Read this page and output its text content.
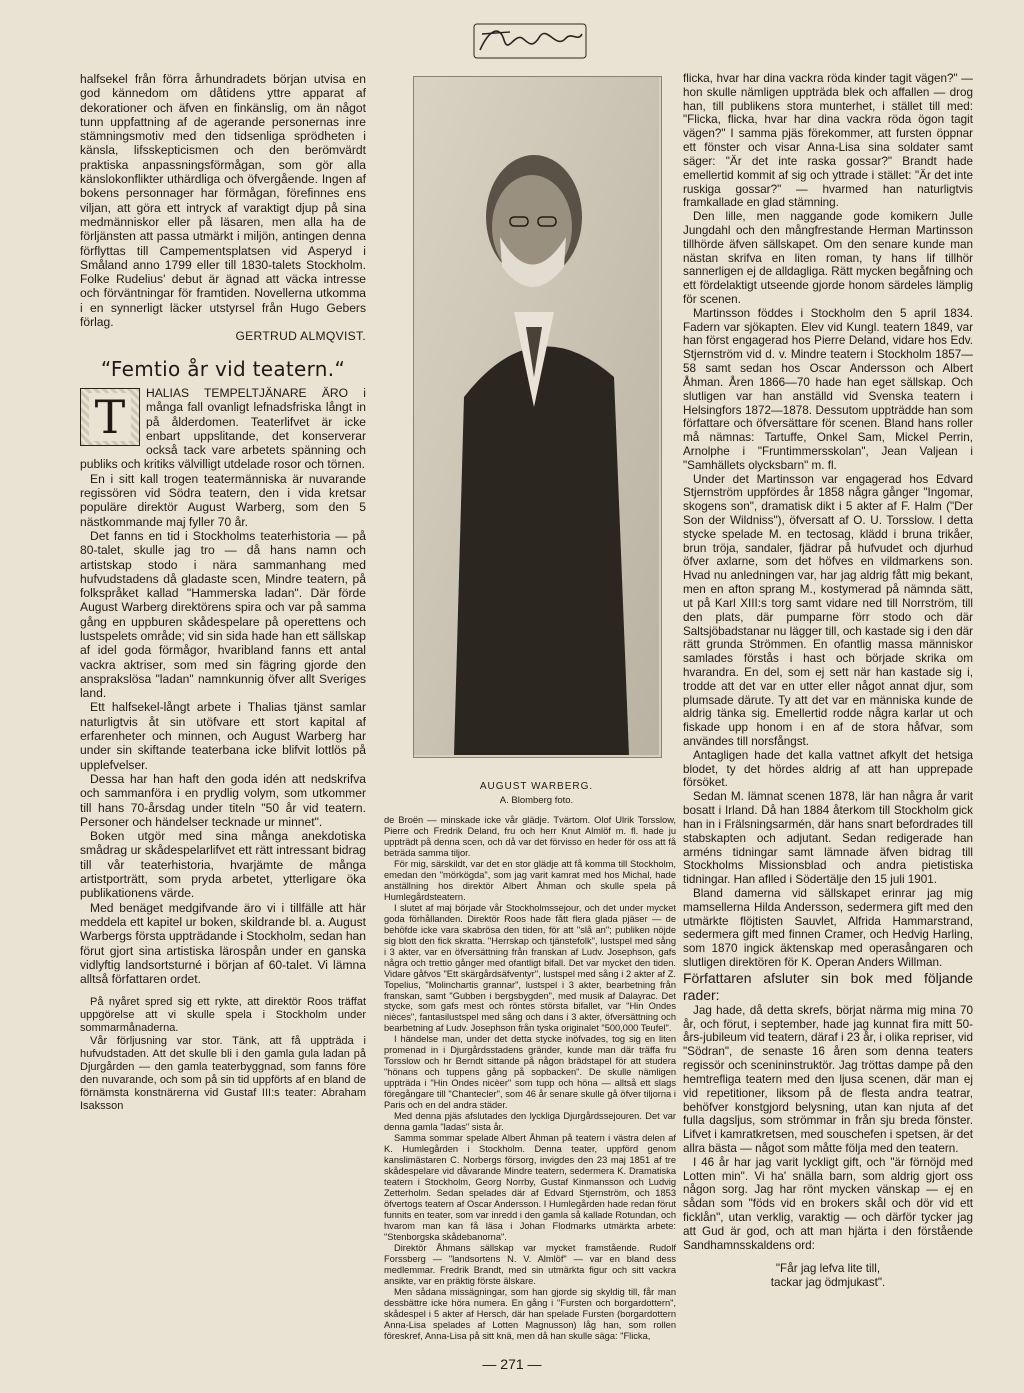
halfsekel från förra århundradets början utvisa en god kännedom om dåtidens yttre apparat af dekorationer och äfven en finkänslig, om än något tunn uppfattning af de agerande personernas inre stämningsmotiv med den tidsenliga sprödheten i känsla, lifsskepticismen och den berömvärdt praktiska anpassningsförmågan, som gör alla känslokonflikter uthärdliga och öfvergående. Ingen af bokens personnager har förmågan, förefinnes ens viljan, att göra ett intryck af varaktigt djup på sina medmänniskor eller på läsaren, men alla ha de förljänsten att passa utmärkt i miljön, antingen denna förflyttas till Campementsplatsen vid Asperyd i Småland anno 1799 eller till 1830-talets Stockholm. Folke Rudelius' debut är ägnad att väcka intresse och förväntningar för framtiden. Novellerna utkomma i en synnerligt läcker utstyrsel från Hugo Gebers förlag.

GERTRUD ALMQVIST.

“Femtio år vid teatern.“
T	HALIAS TEMPELTJÄNARE ÄRO i många fall ovanligt lefnadsfriska långt in på ålderdomen. Teaterlifvet är icke enbart uppslitande, det konserverar också tack vare arbetets spänning och publiks och kritiks välvilligt utdelade rosor och törnen.

En i sitt kall trogen teatermänniska är nuvarande regissören vid Södra teatern, den i vida kretsar populäre direktör August Warberg, som den 5 nästkommande maj fyller 70 år.

Det fanns en tid i Stockholms teaterhistoria — på 80-talet, skulle jag tro — då hans namn och artistskap stodo i nära sammanhang med hufvudstadens då gladaste scen, Mindre teatern, på folkspråket kallad "Hammerska ladan". Där förde August Warberg direktörens spira och var på samma gång en uppburen skådespelare på operettens och lustspelets område; vid sin sida hade han ett sällskap af idel goda förmågor, hvaribland fanns ett antal vackra aktriser, som med sin fägring gjorde den ansprakslösa "ladan" namnkunnig öfver allt Sveriges land.

Ett halfsekel-långt arbete i Thalias tjänst samlar naturligtvis åt sin utöfvare ett stort kapital af erfarenheter och minnen, och August Warberg har under sin skiftande teaterbana icke blifvit lottlös på upplefvelser.

Dessa har han haft den goda idén att nedskrifva och sammanföra i en prydlig volym, som utkommer till hans 70-årsdag under titeln "50 år vid teatern. Personer och händelser tecknade ur minnet".

Boken utgör med sina många anekdotiska smådrag ur skådespelarlifvet ett rätt intressant bidrag till vår teaterhistoria, hvarjämte de många artistporträtt, som pryda arbetet, ytterligare öka publikationens värde.

Med benäget medgifvande äro vi i tillfälle att här meddela ett kapitel ur boken, skildrande bl. a. August Warbergs första uppträdande i Stockholm, sedan han förut gjort sina artistiska lärospån under en ganska vidlyftig landsortsturné i början af 60-talet. Vi lämna alltså författaren ordet.

På nyåret spred sig ett rykte, att direktör Roos träffat uppgörelse att vi skulle spela i Stockholm under sommarmånaderna.

Vår förljusning var stor. Tänk, att få uppträda i hufvudstaden. Att det skulle bli i den gamla gula ladan på Djurgården — den gamla teaterbyggnad, som fanns före den nuvarande, och som på sin tid uppförts af en bland de förnämsta konstnärerna vid Gustaf III:s teater: Abraham Isaksson

AUGUST WARBERG.
A. Blomberg foto.

de Broën — minskade icke vår glädje. Tvärtom. Olof Ulrik Torsslow, Pierre och Fredrik Deland, fru och herr Knut Almlöf m. fl. hade ju uppträdt på denna scen, och då var det förvisso en heder för oss att få beträda samma tiljor.

För mig, särskildt, var det en stor glädje att få komma till Stockholm, emedan den "mörkögda", som jag varit kamrat med hos Michal, hade anställning hos direktör Albert Åhman och skulle spela på Humlegårdsteatern.

I slutet af maj började vår Stockholmssejour, och det under mycket goda förhållanden. Direktör Roos hade fått flera glada pjäser — de behöfde icke vara skabrösa den tiden, för att "slå an"; publiken nöjde sig blott den fick skratta. "Herrskap och tjänstefolk", lustspel med sång i 3 akter, var en öfversättning från franskan af Ludv. Josephson, gafs några och trettio gånger med ofantligt bifall. Det var mycket den tiden. Vidare gåfvos "Ett skärgårdsäfventyr", lustspel med sång i 2 akter af Z. Topelius, "Molinchartis grannar", lustspel i 3 akter, bearbetning från franskan, samt "Gubben i bergsbygden", med musik af Dalayrac. Det stycke, som gafs mest och röntes största bifallet, var "Hin Ondes nièces", fantasilustspel med sång och dans i 3 akter, öfversättning och bearbetning af Ludv. Josephson från tyska originalet "500,000 Teufel".

I händelse man, under det detta stycke inöfvades, tog sig en liten promenad in i Djurgårdsstadens gränder, kunde man där träffa fru Torsslow och hr Berndt sittande på någon brädstapel för att studera "hönans och tuppens gång på sopbacken". De skulle nämligen uppträda i "Hin Ondes nicèer" som tupp och höna — alltså ett slags föregångare till "Chantecler", som 46 år senare skulle gå öfver tiljorna i Paris och en del andra städer.

Med denna pjäs afslutades den lyckliga Djurgårdssejouren. Det var denna gamla "ladas" sista år.

Samma sommar spelade Albert Åhman på teatern i västra delen af K. Humlegården i Stockholm. Denna teater, uppförd genom kanslimästaren C. Norbergs försorg, invigdes den 23 maj 1851 af tre skådespelare vid dåvarande Mindre teatern, sedermera K. Dramatiska teatern i Stockholm, Georg Norrby, Gustaf Kinmansson och Ludvig Zetterholm. Sedan spelades där af Edvard Stjernström, och 1853 öfvertogs teatern af Oscar Andersson. I Humlegården hade redan förut funnits en teater, som var inredd i den gamla så kallade Rotundan, och hvarom man kan få läsa i Johan Flodmarks utmärkta arbete: "Stenborgska skådebanorna".

Direktör Åhmans sällskap var mycket framstående. Rudolf Forssberg — "landsortens N. V. Almlöf" — var en bland dess medlemmar. Fredrik Brandt, med sin utmärkta figur och sitt vackra ansikte, var en präktig förste älskare.

Men sådana missägningar, som han gjorde sig skyldig till, får man dessbättre icke höra numera. En gång i "Fursten och borgardottern", skådespel i 5 akter af Hersch, där han spelade Fursten (borgardottern Anna-Lisa spelades af Lotten Magnusson) låg han, som rollen föreskref, Anna-Lisa på sitt knä, men då han skulle säga: "Flicka,

flicka, hvar har dina vackra röda kinder tagit vägen?" — hon skulle nämligen uppträda blek och affallen — drog han, till publikens stora munterhet, i stället till med: "Flicka, flicka, hvar har dina vackra röda ögon tagit vägen?" I samma pjäs förekommer, att fursten öppnar ett fönster och visar Anna-Lisa sina soldater samt säger: "Är det inte raska gossar?" Brandt hade emellertid kommit af sig och yttrade i stället: "Är det inte ruskiga gossar?" — hvarmed han naturligtvis framkallade en glad stämning.

Den lille, men naggande gode komikern Julle Jungdahl och den mångfrestande Herman Martinsson tillhörde äfven sällskapet. Om den senare kunde man nästan skrifva en liten roman, ty hans lif tillhör sannerligen ej de alldagliga. Rätt mycken begåfning och ett fördelaktigt utseende gjorde honom särdeles lämplig för scenen.

Martinsson föddes i Stockholm den 5 april 1834. Fadern var sjökapten. Elev vid Kungl. teatern 1849, var han först engagerad hos Pierre Deland, vidare hos Edv. Stjernström vid d. v. Mindre teatern i Stockholm 1857—58 samt sedan hos Oscar Andersson och Albert Åhman. Åren 1866—70 hade han eget sällskap. Och slutligen var han anställd vid Svenska teatern i Helsingfors 1872—1878. Dessutom uppträdde han som författare och öfversättare för scenen. Bland hans roller må nämnas: Tartuffe, Onkel Sam, Mickel Perrin, Arnolphe i "Fruntimmersskolan", Jean Valjean i "Samhällets olycksbarn" m. fl.

Under det Martinsson var engagerad hos Edvard Stjernström uppfördes år 1858 några gånger "Ingomar, skogens son", dramatisk dikt i 5 akter af F. Halm ("Der Son der Wildniss"), öfversatt af O. U. Torsslow. I detta stycke spelade M. en tectosag, klädd i bruna trikåer, brun tröja, sandaler, fjädrar på hufvudet och djurhud öfver axlarne, som det höfves en vildmarkens son. Hvad nu anledningen var, har jag aldrig fått mig bekant, men en afton sprang M., kostymerad på nämnda sätt, ut på Karl XIII:s torg samt vidare ned till Norrström, till den plats, där pumparne förr stodo och där Saltsjöbadstanar nu lägger till, och kastade sig i den där rätt grunda Strömmen. En ofantlig massa människor samlades förstås i hast och började skrika om hvarandra. En del, som ej sett när han kastade sig i, trodde att det var en utter eller något annat djur, som plumsade därute. Ty att det var en människa kunde de aldrig tänka sig. Emellertid rodde några karlar ut och fiskade upp honom i en af de stora håfvar, som användes till norsfångst.

Antagligen hade det kalla vattnet afkylt det hetsiga blodet, ty det hördes aldrig af att han upprepade försöket.

Sedan M. lämnat scenen 1878, lär han några år varit bosatt i Irland. Då han 1884 återkom till Stockholm gick han in i Frälsningsarmén, där hans snart befordrades till stabskapten och adjutant. Sedan redigerade han arméns tidningar samt lämnade äfven bidrag till Stockholms Missionsblad och andra pietistiska tidningar. Han aflled i Södertälje den 15 juli 1901.

Bland damerna vid sällskapet erinrar jag mig mamsellerna Hilda Andersson, sedermera gift med den utmärkte flöjtisten Sauvlet, Alfrida Hammarstrand, sedermera gift med finnen Cramer, och Hedvig Harling, som 1870 ingick äktenskap med operasångaren och slutligen direktören för K. Operan Anders Willman.

Författaren afsluter sin bok med följande rader:

Jag hade, då detta skrefs, börjat närma mig mina 70 år, och förut, i september, hade jag kunnat fira mitt 50-års-jubileum vid teatern, däraf i 23 år, i olika repriser, vid "Södran", de senaste 16 åren som denna teaters regissör och scenininstruktör. Jag tröttas dampe på den hemtrefliga teatern med den ljusa scenen, där man ej vid repetitioner, liksom på de flesta andra teatrar, behöfver konstgjord belysning, utan kan njuta af det fulla dagsljus, som strömmar in från sju breda fönster. Lifvet i kamratkretsen, med souschefen i spetsen, är det allra bästa — något som måtte följa med den teatern.

I 46 år har jag varit lyckligt gift, och "är förnöjd med Lotten min". Vi ha' snälla barn, som aldrig gjort oss någon sorg. Jag har rönt mycken vänskap — ej en sådan som "föds vid en brokers skål och dör vid ett ficklån", utan verklig, varaktig — och därför tycker jag att Gud är god, och att man hjärta i den förstående Sandhamnsskaldens ord:

"Får jag lefva lite till,
tackar jag ödmjukast".
— 271 —
